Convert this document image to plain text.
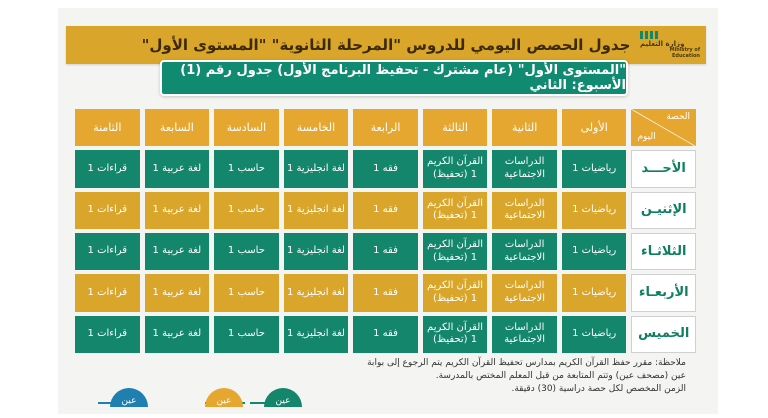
جدول الحصص اليومي للدروس "المرحلة الثانوية" "المستوى الأول" وزارة التعليم
Ministry of Education
"المستوى الأول" (عام مشترك - تحفيظ البرنامج الأول) جدول رقم (1) الأسبوع: الثاني
الحصة
اليوم
الأولى
الثانية
الثالثة
الرابعة
الخامسة
السادسة
السابعة
الثامنة
الأحـــد
رياضيات 1
الدراسات الاجتماعية
القرآن الكريم 1 (تحفيظ)
فقه 1
لغة انجليزية 1
حاسب 1
لغة عربية 1
قراءات 1
الإثنيـن
رياضيات 1
الدراسات الاجتماعية
القرآن الكريم 1 (تحفيظ)
فقه 1
لغة انجليزية 1
حاسب 1
لغة عربية 1
قراءات 1
الثلاثـاء
رياضيات 1
الدراسات الاجتماعية
القرآن الكريم 1 (تحفيظ)
فقه 1
لغة انجليزية 1
حاسب 1
لغة عربية 1
قراءات 1
الأربعـاء
رياضيات 1
الدراسات الاجتماعية
القرآن الكريم 1 (تحفيظ)
فقه 1
لغة انجليزية 1
حاسب 1
لغة عربية 1
قراءات 1
الخميس
رياضيات 1
الدراسات الاجتماعية
القرآن الكريم 1 (تحفيظ)
فقه 1
لغة انجليزية 1
حاسب 1
لغة عربية 1
قراءات 1
ملاحظة: مقرر حفظ القرآن الكريم بمدارس تحفيظ القرآن الكريم يتم الرجوع إلى بوابة
عين (مصحف عين) وتتم المتابعة من قبل المعلم المختص بالمدرسة.
الزمن المخصص لكل حصة دراسية (30) دقيقة.
عين	عين	عين
